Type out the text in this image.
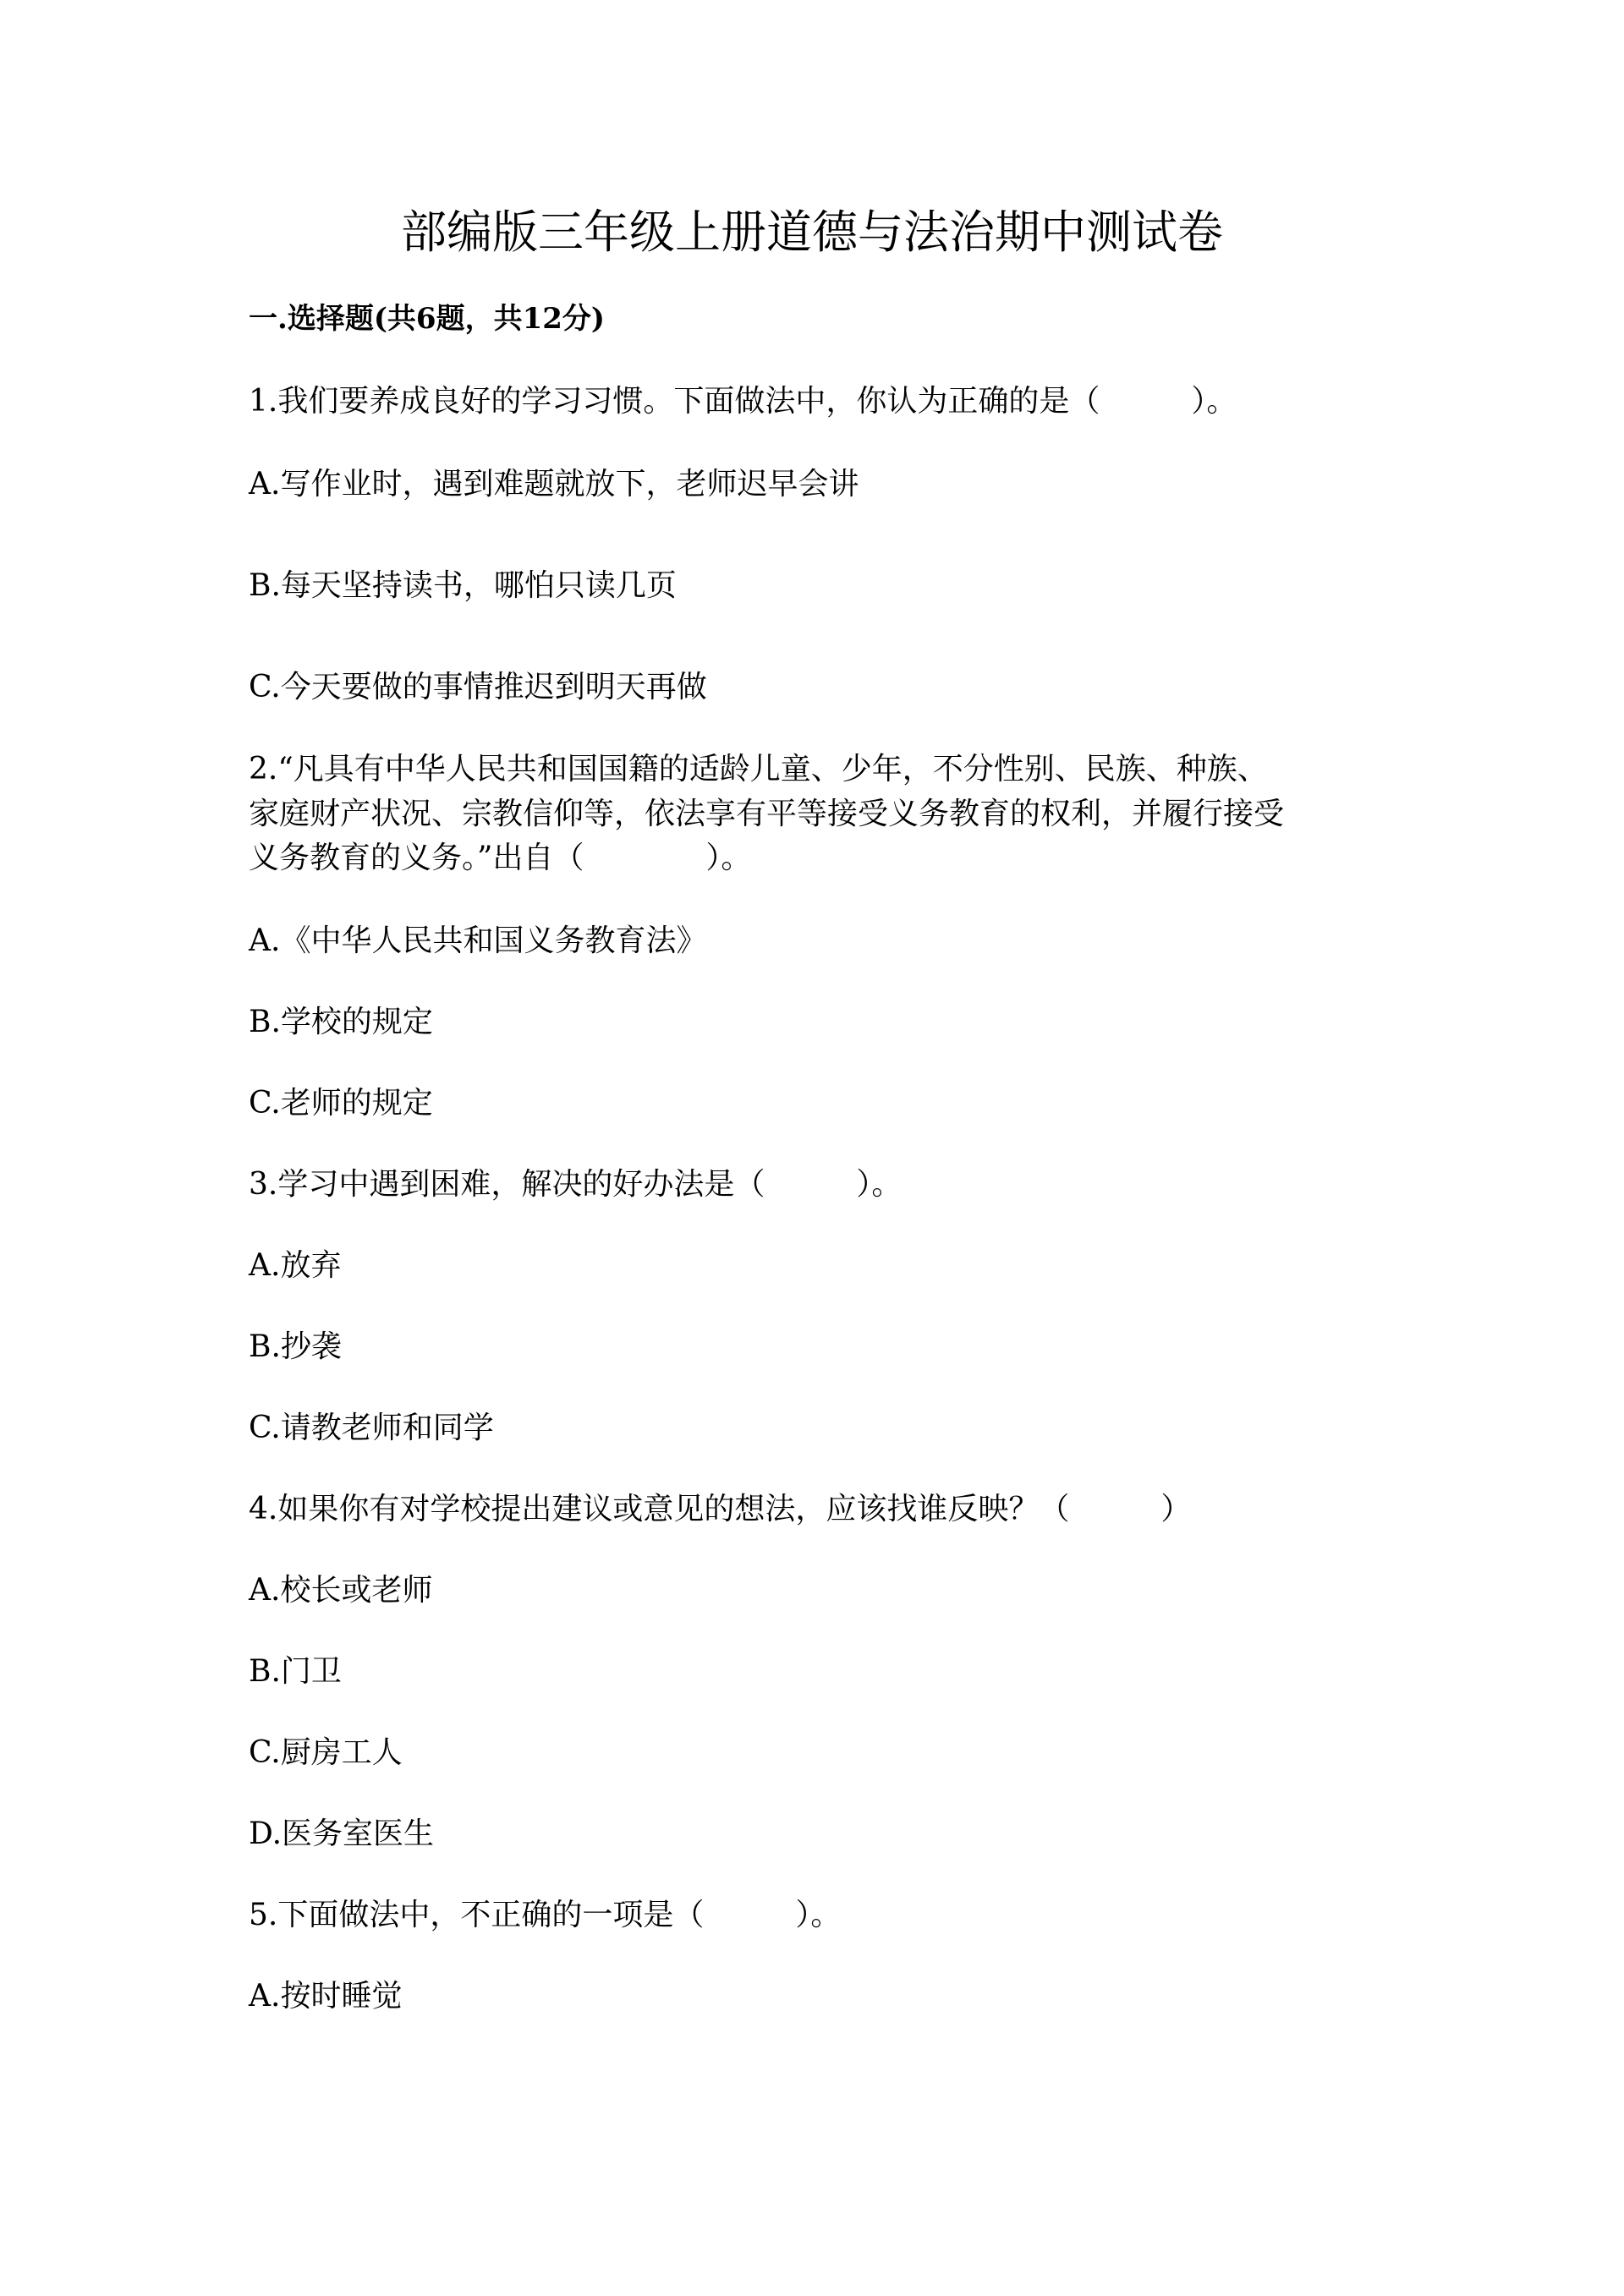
部编版三年级上册道德与法治期中测试卷
一.选择题(共6题，共12分)
1.我们要养成良好的学习习惯。下面做法中，你认为正确的是（　　　）。
A.写作业时，遇到难题就放下，老师迟早会讲
B.每天坚持读书，哪怕只读几页
C.今天要做的事情推迟到明天再做
2.“凡具有中华人民共和国国籍的适龄儿童、少年，不分性别、民族、种族、
家庭财产状况、宗教信仰等，依法享有平等接受义务教育的权利，并履行接受
义务教育的义务。”出自（　　　　）。
A.《中华人民共和国义务教育法》
B.学校的规定
C.老师的规定
3.学习中遇到困难，解决的好办法是（　　　）。
A.放弃
B.抄袭
C.请教老师和同学
4.如果你有对学校提出建议或意见的想法，应该找谁反映？（　　　）
A.校长或老师
B.门卫
C.厨房工人
D.医务室医生
5.下面做法中，不正确的一项是（　　　）。
A.按时睡觉
